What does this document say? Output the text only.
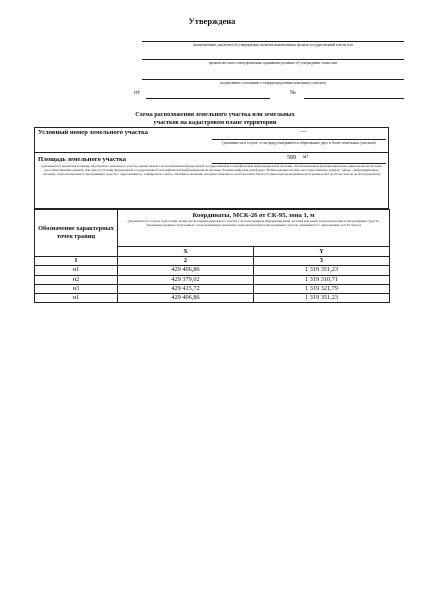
Утверждена
(наименование документа об утверждении, включая наименования органов государственной власти или
органов местного самоуправления, принявших решение об утверждении схемы или
подписавших соглашение о перераспределении земельных участков)
от	№
Схема расположения земельного участка или земельных
участков на кадастровом плане территории
Условный номер земельного участка	—
(указывается в случае, если предусматривается образование двух и более земельных участков)
Площадь земельного участка	589 м²
(указываются проектная площадь образуемого земельного участка, вычисленная с использованием федеральной государственной географической информационной системы, обеспечивающей функционирование национальной системы пространственных данных, или при отсутствии федеральной государственной географической информационной системы "Единая цифровая платформа "Национальная система пространственных данных" (далее - информационная система), технологических и программных средств с округлением до 1 квадратного метра. Указанное значение площади земельного участка может быть уточнено при проведении кадастровых работ не более чем на десять процентов)
Обозначение характерных точек границ	Координаты, МСК-26 от СК-95, зона 1, м
(указываются в случае подготовки схемы расположения земельного участка с использованием информационной системы или иных технологических и программных средств. Значения координат, полученные с использованием указанных технологических и программных средств, указываются с округлением до 0,01 метра)	

	X	Y
1	2	3
н1	429 406,86	1 319 351,23
н2	429 379,02	1 319 310,71
н3	429 415,72	1 319 321,79
н1	429 406,86	1 319 351,23
